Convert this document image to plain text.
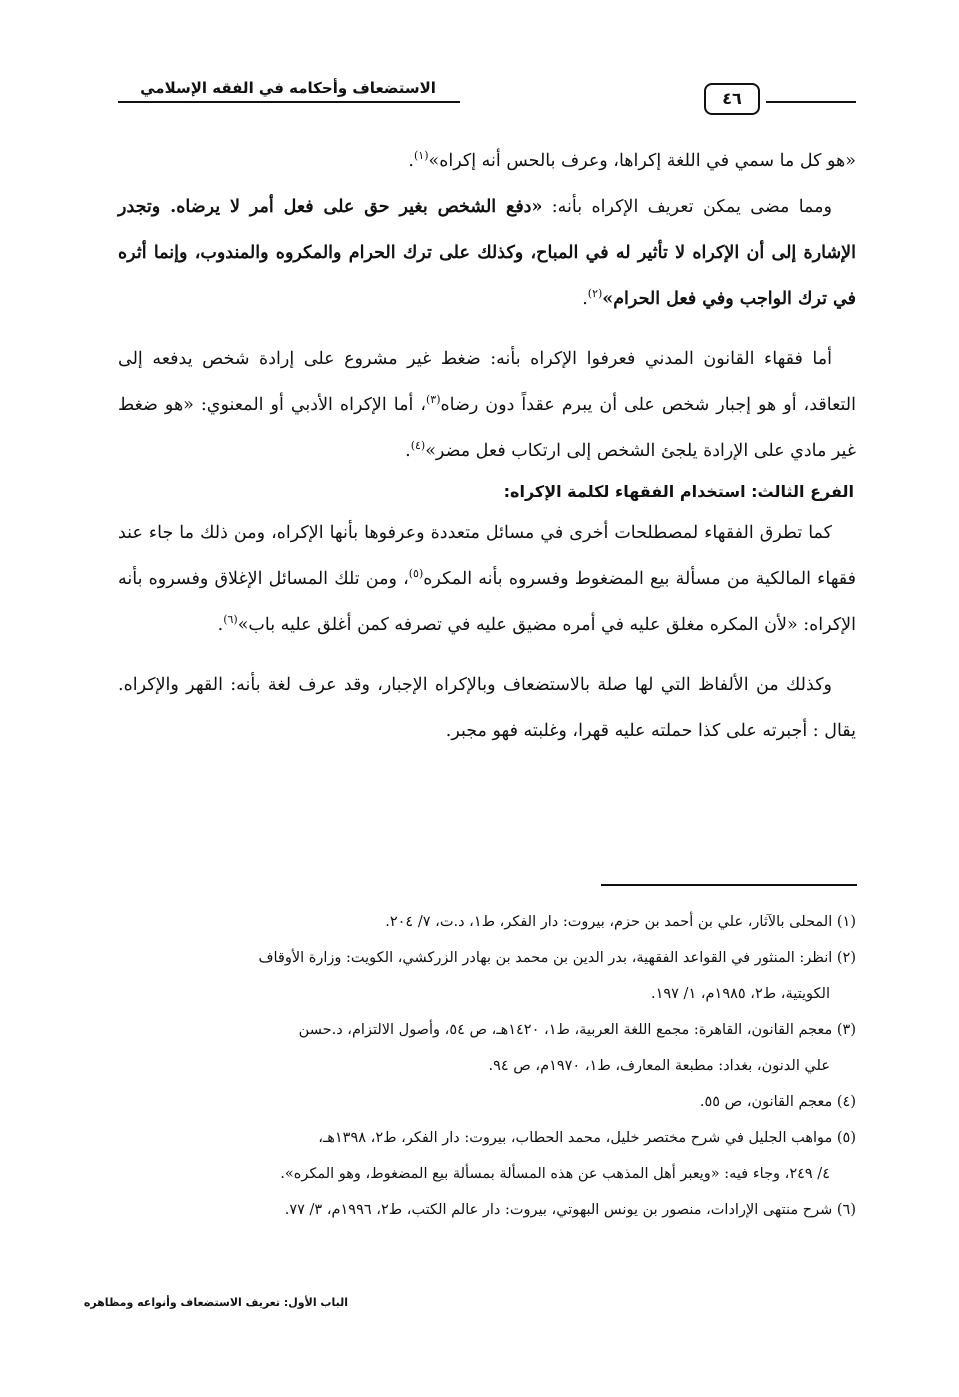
الاستضعاف وأحكامه في الفقه الإسلامي
٤٦

«هو كل ما سمي في اللغة إكراها، وعرف بالحس أنه إكراه»$^{(١)}$.

ومما مضى يمكن تعريف الإكراه بأنه: «دفع الشخص بغير حق على فعل أمر لا يرضاه. وتجدر الإشارة إلى أن الإكراه لا تأثير له في المباح، وكذلك على ترك الحرام والمكروه والمندوب، وإنما أثره في ترك الواجب وفي فعل الحرام»$^{(٢)}$.

أما فقهاء القانون المدني فعرفوا الإكراه بأنه: ضغط غير مشروع على إرادة شخص يدفعه إلى التعاقد، أو هو إجبار شخص على أن يبرم عقداً دون رضاه$^{(٣)}$، أما الإكراه الأدبي أو المعنوي: «هو ضغط غير مادي على الإرادة يلجئ الشخص إلى ارتكاب فعل مضر»$^{(٤)}$.

الفرع الثالث: استخدام الفقهاء لكلمة الإكراه:

كما تطرق الفقهاء لمصطلحات أخرى في مسائل متعددة وعرفوها بأنها الإكراه، ومن ذلك ما جاء عند فقهاء المالكية من مسألة بيع المضغوط وفسروه بأنه المكره$^{(٥)}$، ومن تلك المسائل الإغلاق وفسروه بأنه الإكراه: «لأن المكره مغلق عليه في أمره مضيق عليه في تصرفه كمن أغلق عليه باب»$^{(٦)}$.

وكذلك من الألفاظ التي لها صلة بالاستضعاف وبالإكراه الإجبار، وقد عرف لغة بأنه: القهر والإكراه. يقال : أجبرته على كذا حملته عليه قهرا، وغلبته فهو مجبر.

(١) المحلى بالآثار، علي بن أحمد بن حزم، بيروت: دار الفكر، ط١، د.ت، ٧/ ٢٠٤.

(٢) انظر: المنثور في القواعد الفقهية، بدر الدين بن محمد بن بهادر الزركشي، الكويت: وزارة الأوقاف

الكويتية، ط٢، ١٩٨٥م، ١/ ١٩٧.

(٣) معجم القانون، القاهرة: مجمع اللغة العربية، ط١، ١٤٢٠هـ، ص ٥٤، وأصول الالتزام، د.حسن

علي الدنون، بغداد: مطبعة المعارف، ط١، ١٩٧٠م، ص ٩٤.

(٤) معجم القانون، ص ٥٥.

(٥) مواهب الجليل في شرح مختصر خليل، محمد الحطاب، بيروت: دار الفكر، ط٢، ١٣٩٨هـ،

٤/ ٢٤٩، وجاء فيه: «ويعبر أهل المذهب عن هذه المسألة بمسألة بيع المضغوط، وهو المكره».

(٦) شرح منتهى الإرادات، منصور بن يونس البهوتي، بيروت: دار عالم الكتب، ط٢، ١٩٩٦م، ٣/ ٧٧.

الباب الأول: تعريف الاستضعاف وأنواعه ومظاهره
